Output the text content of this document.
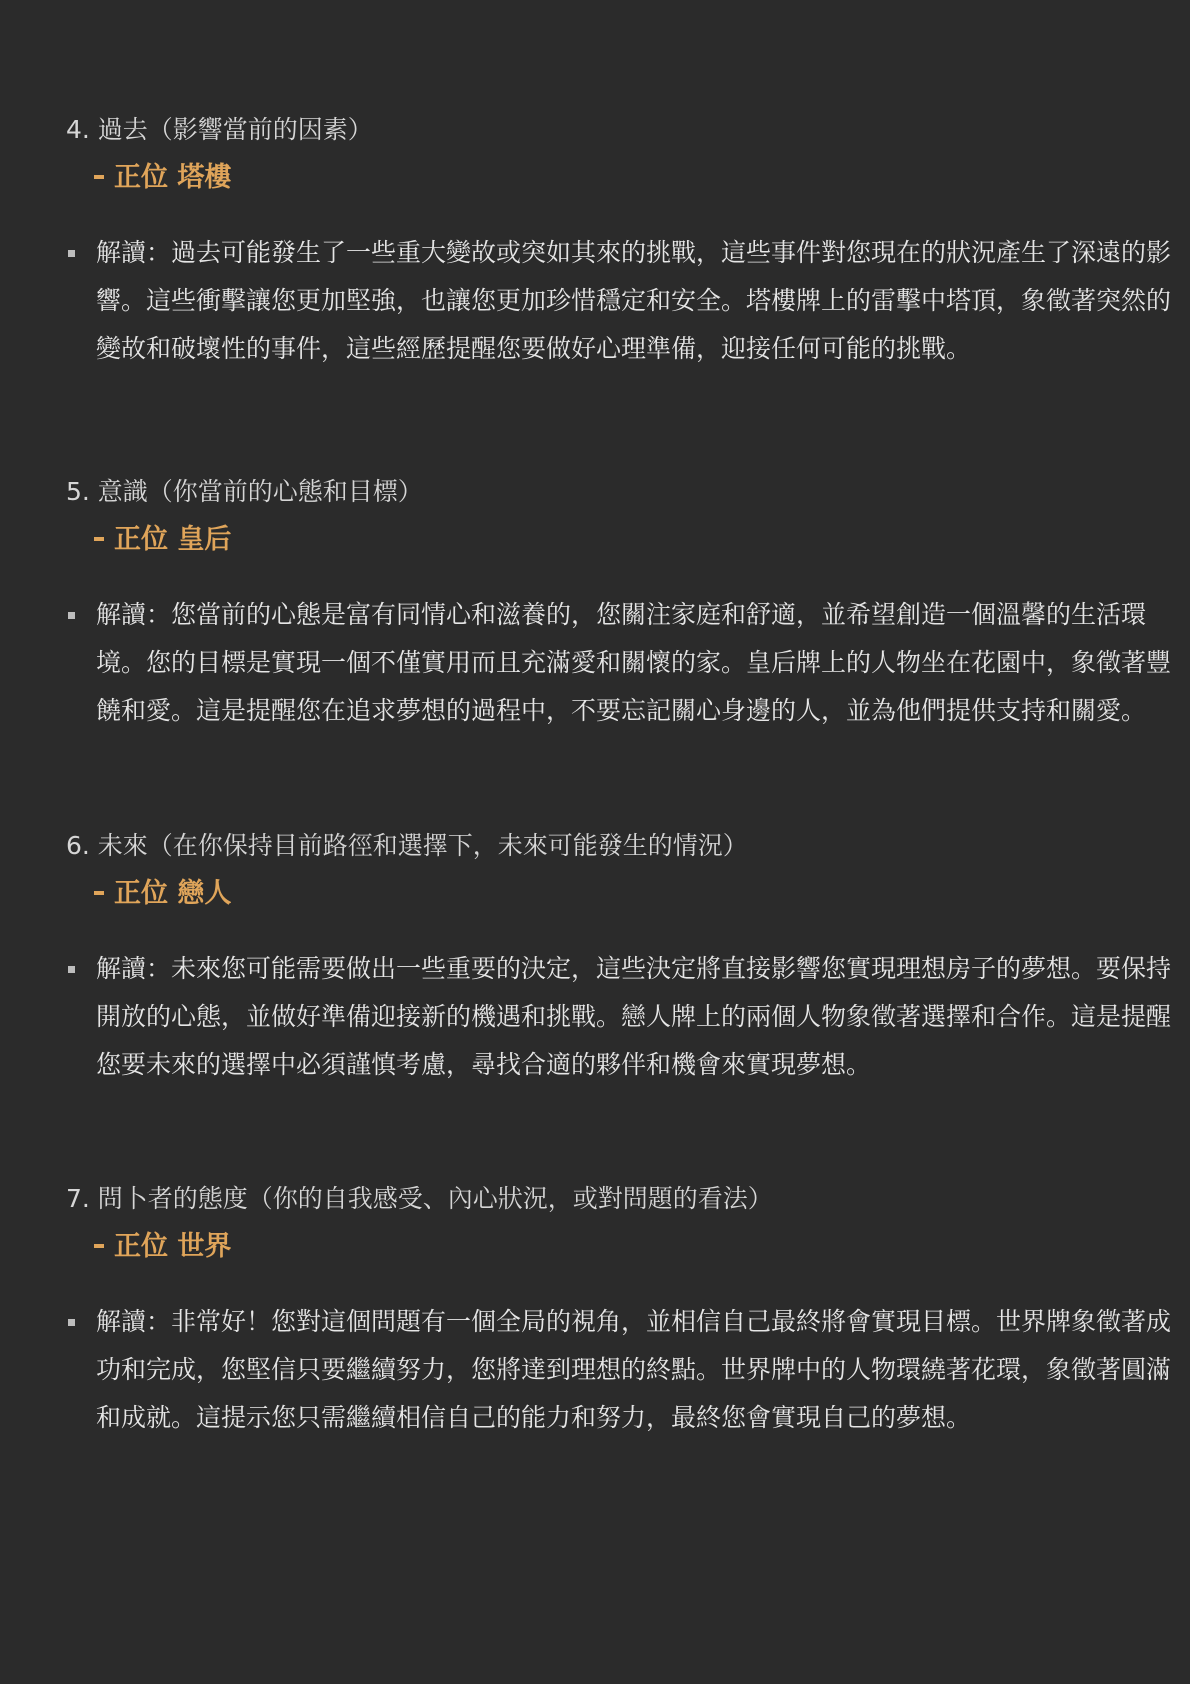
4. 過去（影響當前的因素）

正位 塔樓

解讀：過去可能發生了一些重大變故或突如其來的挑戰，這些事件對您現在的狀況產生了深遠的影響。這些衝擊讓您更加堅強，也讓您更加珍惜穩定和安全。塔樓牌上的雷擊中塔頂，象徵著突然的變故和破壞性的事件，這些經歷提醒您要做好心理準備，迎接任何可能的挑戰。

5. 意識（你當前的心態和目標）

正位 皇后

解讀：您當前的心態是富有同情心和滋養的，您關注家庭和舒適，並希望創造一個溫馨的生活環境。您的目標是實現一個不僅實用而且充滿愛和關懷的家。皇后牌上的人物坐在花園中，象徵著豐饒和愛。這是提醒您在追求夢想的過程中，不要忘記關心身邊的人，並為他們提供支持和關愛。

6. 未來（在你保持目前路徑和選擇下，未來可能發生的情況）

正位 戀人

解讀：未來您可能需要做出一些重要的決定，這些決定將直接影響您實現理想房子的夢想。要保持開放的心態，並做好準備迎接新的機遇和挑戰。戀人牌上的兩個人物象徵著選擇和合作。這是提醒您要未來的選擇中必須謹慎考慮，尋找合適的夥伴和機會來實現夢想。

7. 問卜者的態度（你的自我感受、內心狀況，或對問題的看法）

正位 世界

解讀：非常好！您對這個問題有一個全局的視角，並相信自己最終將會實現目標。世界牌象徵著成功和完成，您堅信只要繼續努力，您將達到理想的終點。世界牌中的人物環繞著花環，象徵著圓滿和成就。這提示您只需繼續相信自己的能力和努力，最終您會實現自己的夢想。
